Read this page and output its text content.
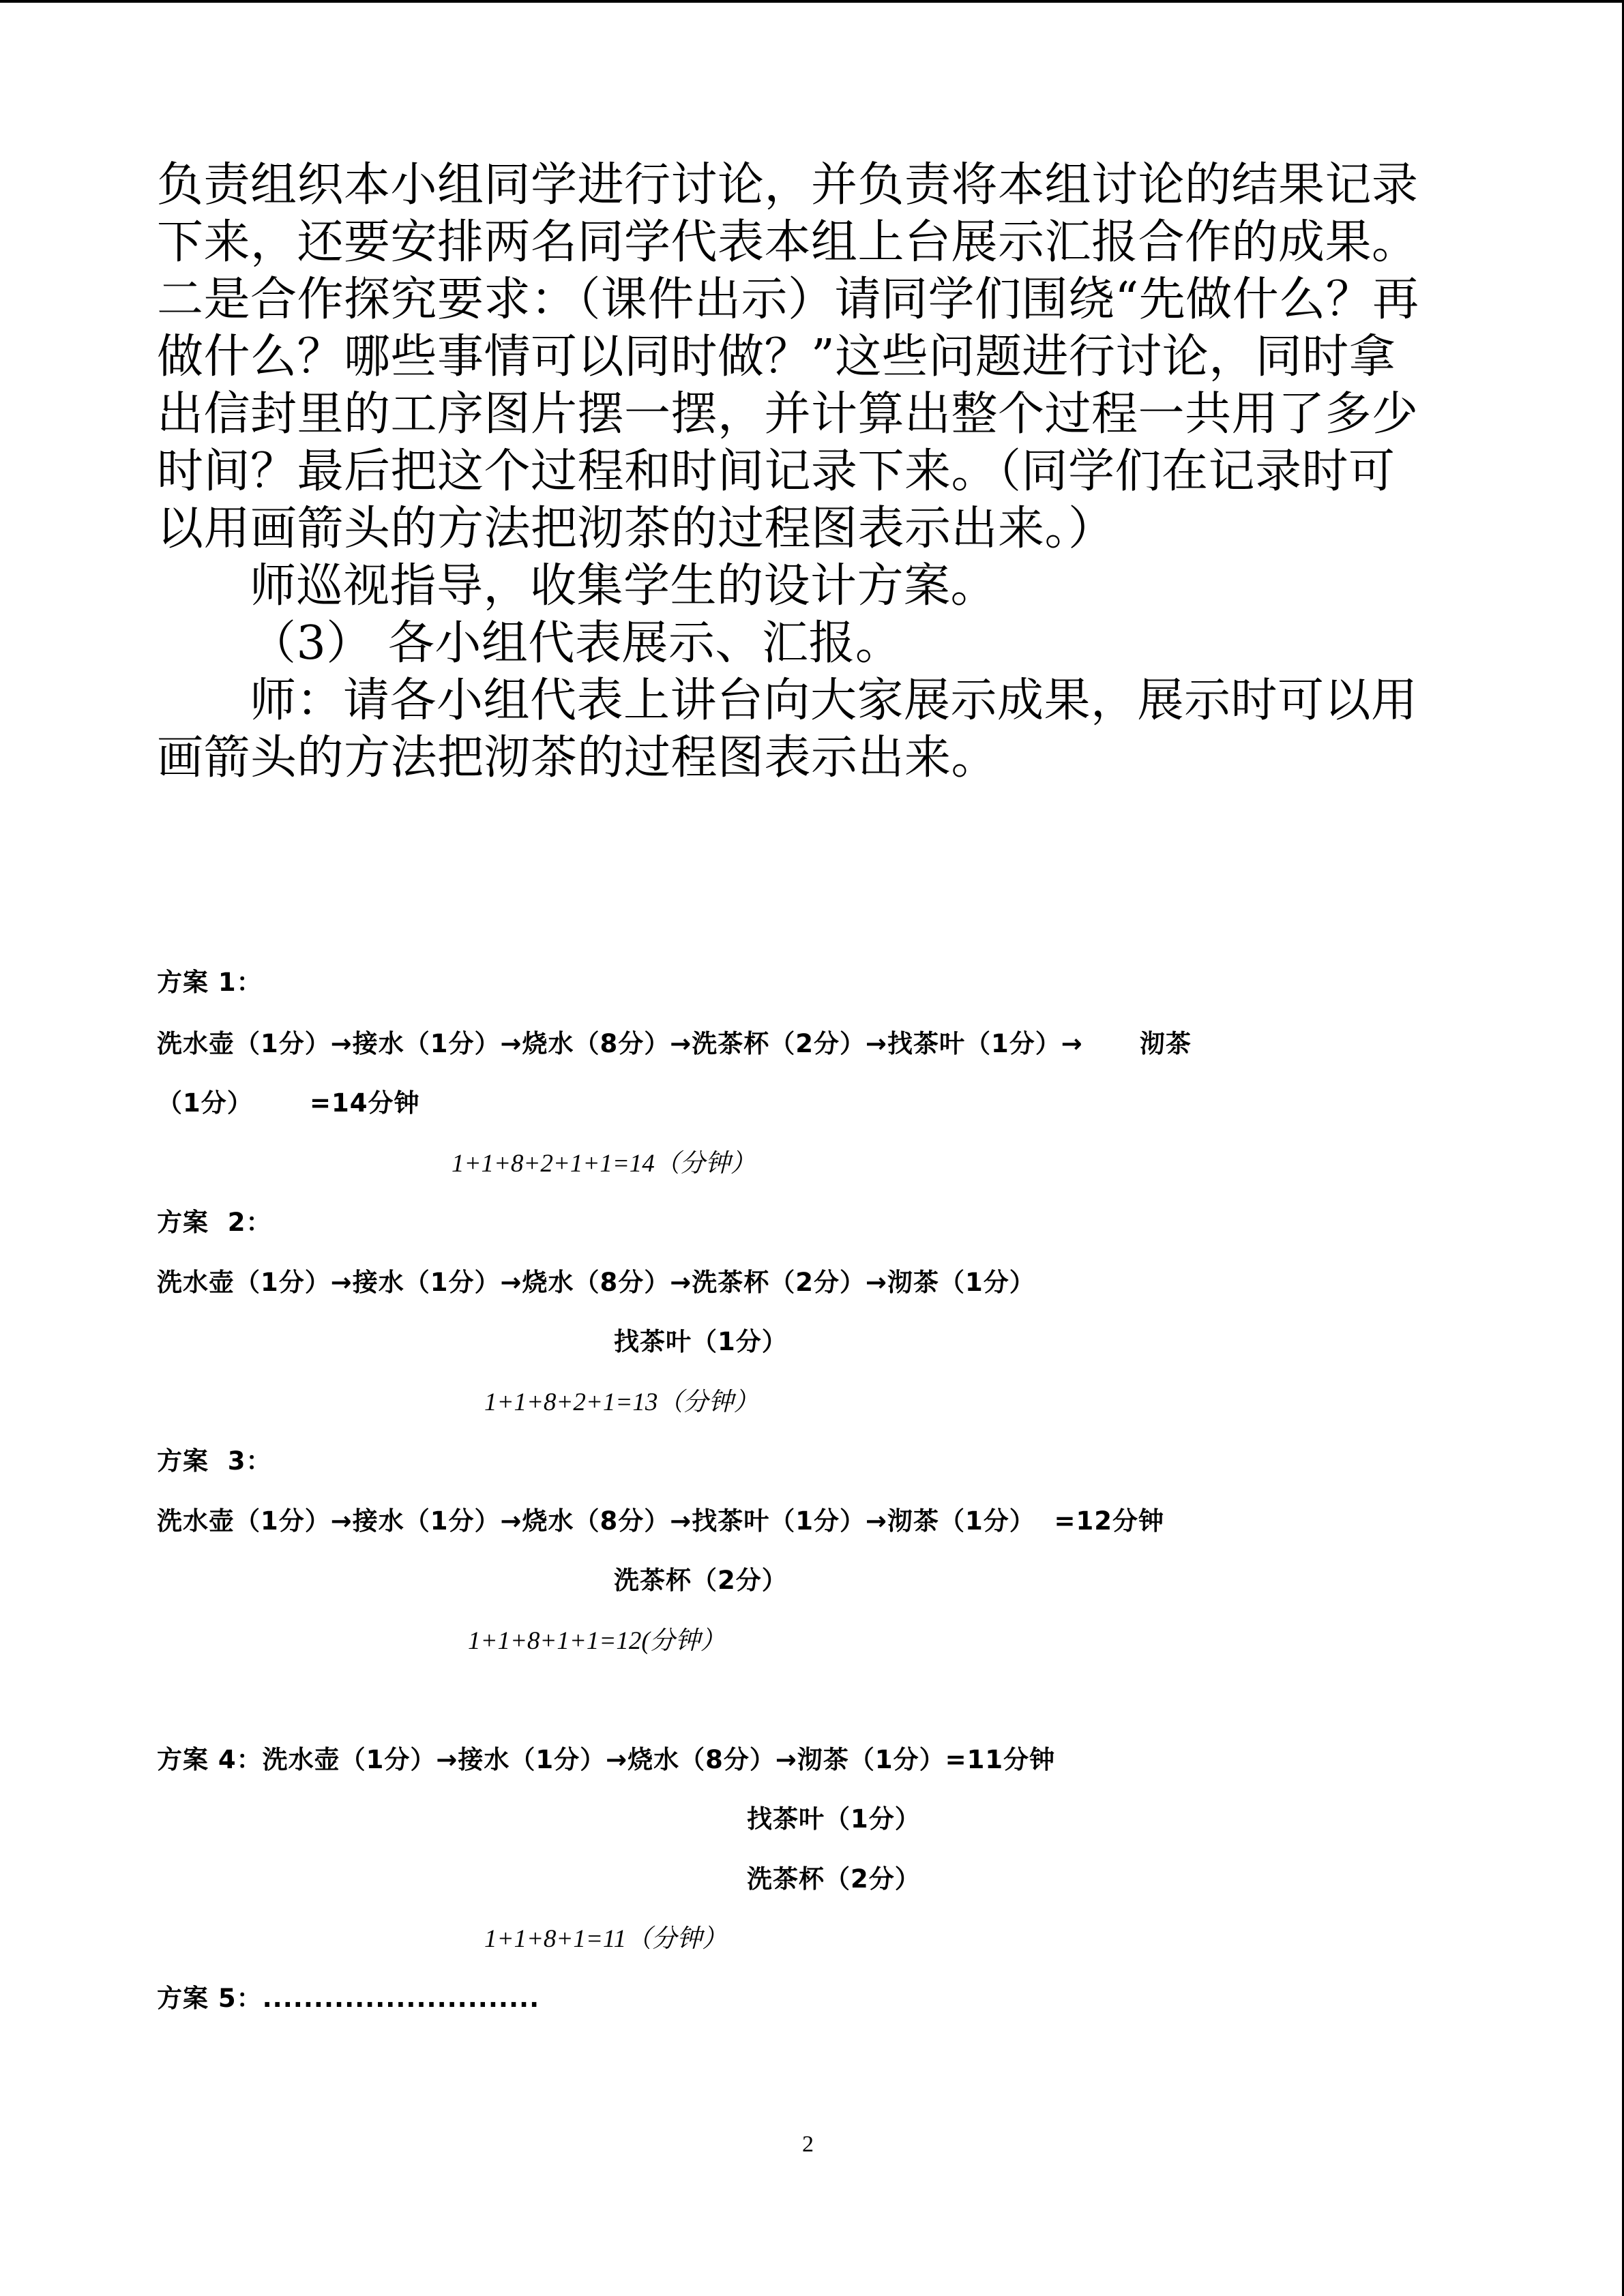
负责组织本小组同学进行讨论，并负责将本组讨论的结果记录下来，还要安排两名同学代表本组上台展示汇报合作的成果。二是合作探究要求：（课件出示）请同学们围绕“先做什么？再做什么？哪些事情可以同时做？”这些问题进行讨论，同时拿出信封里的工序图片摆一摆，并计算出整个过程一共用了多少时间？最后把这个过程和时间记录下来。（同学们在记录时可以用画箭头的方法把沏茶的过程图表示出来。）

师巡视指导，收集学生的设计方案。

（3） 各小组代表展示、汇报。

师：请各小组代表上讲台向大家展示成果，展示时可以用画箭头的方法把沏茶的过程图表示出来。

方案 1：
洗水壶（1分）→接水（1分）→烧水（8分）→洗茶杯（2分）→找茶叶（1分）→      沏茶
（1分）      =14分钟
1+1+8+2+1+1=14（分钟）
方案  2：
洗水壶（1分）→接水（1分）→烧水（8分）→洗茶杯（2分）→沏茶（1分）
找茶叶（1分）
1+1+8+2+1=13（分钟）
方案  3：
洗水壶（1分）→接水（1分）→烧水（8分）→找茶叶（1分）→沏茶（1分）  =12分钟
洗茶杯（2分）
1+1+8+1+1=12(分钟）
方案 4：洗水壶（1分）→接水（1分）→烧水（8分）→沏茶（1分）=11分钟
找茶叶（1分）
洗茶杯（2分）
1+1+8+1=11（分钟）
方案 5：...........................
2
